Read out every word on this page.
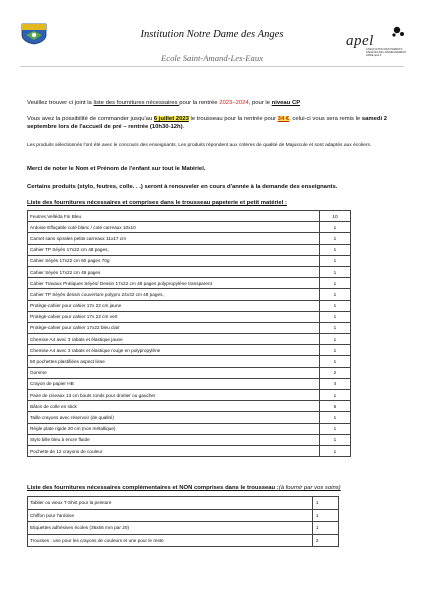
Institution Notre Dame des Anges
Ecole Saint-Amand-Les-Eaux
apel
ASSOCIATION DES PARENTS D'ÉLÈVES DE L'ENSEIGNEMENT LIBRE apel.fr
Veuillez trouver ci joint la liste des fournitures nécessaires pour la rentrée 2023–2024, pour le niveau CP
Vous avez la possibilité de commander jusqu'au 6 juillet 2023 le trousseau pour la rentrée pour 34 €, celui-ci vous sera remis le samedi 2 septembre lors de l'accueil de pré – rentrée (10h30-12h).
Les produits sélectionnés l'ont été avec le concours des enseignants. Les produits répondent aux critères de qualité de Majuscule et sont adaptés aux écoliers.
Merci de noter le Nom et Prénom de l'enfant sur tout le Matériel.
Certains produits (stylo, feutres, colle. . .) seront à renouveler en cours d'année à la demande des enseignants.
Liste des fournitures nécessaires et comprises dans le trousseau papeterie et petit matériel :
Feutres Velléda Fin Bleu	10
Ardoise Effaçable coté blanc / coté carreaux 10x10	1
Carnet sans spirales petits carreaux 11x17 cm	1
Cahier TP Séyès 17x22 cm 48 pages,	1
Cahier Séyès 17x22 cm 60 pages 70g	1
Cahier Séyès 17x22 cm 48 pages	1
Cahier Travaux Pratiques Séyès/ Dessin 17x22 cm 48 pages polypropylène transparent	1
Cahier TP Séyès dessin couverture polypro 24x32 cm 48 pages,	1
Protège-cahier pour cahier 17x 22 cm jaune	1
Protège-cahier pour cahier 17x 22 cm vert	1
Protège-cahier pour cahier 17x22 bleu clair	1
Chemise A4 avec 3 rabats et élastique jaune	1
Chemise A4 avec 3 rabats et élastique rouge en polypropylène	1
50 pochettes plastifiées aspect lisse	1
Gomme	2
Crayon de papier HB	4
Paire de ciseaux 13 cm bouts ronds pour droitier ou gaucher	1
Bâton de colle en stick	5
Taille crayons avec réservoir (de qualité)	1
Règle plate rigide 20 cm (non métallique)	1
Stylo bille bleu à encre fluide	1
Pochette de 12 crayons de couleur	1
Liste des fournitures nécessaires complémentaires et NON comprises dans le trousseau :(à fournir par vos soins)
Tablier ou vieux T-Shirt pour la peinture	1
Chiffon pour l'ardoise	1
Etiquettes adhésives écoles (36x56 mm par 20)	1
Trousses : une pour les crayons de couleurs et une pour le reste	2
